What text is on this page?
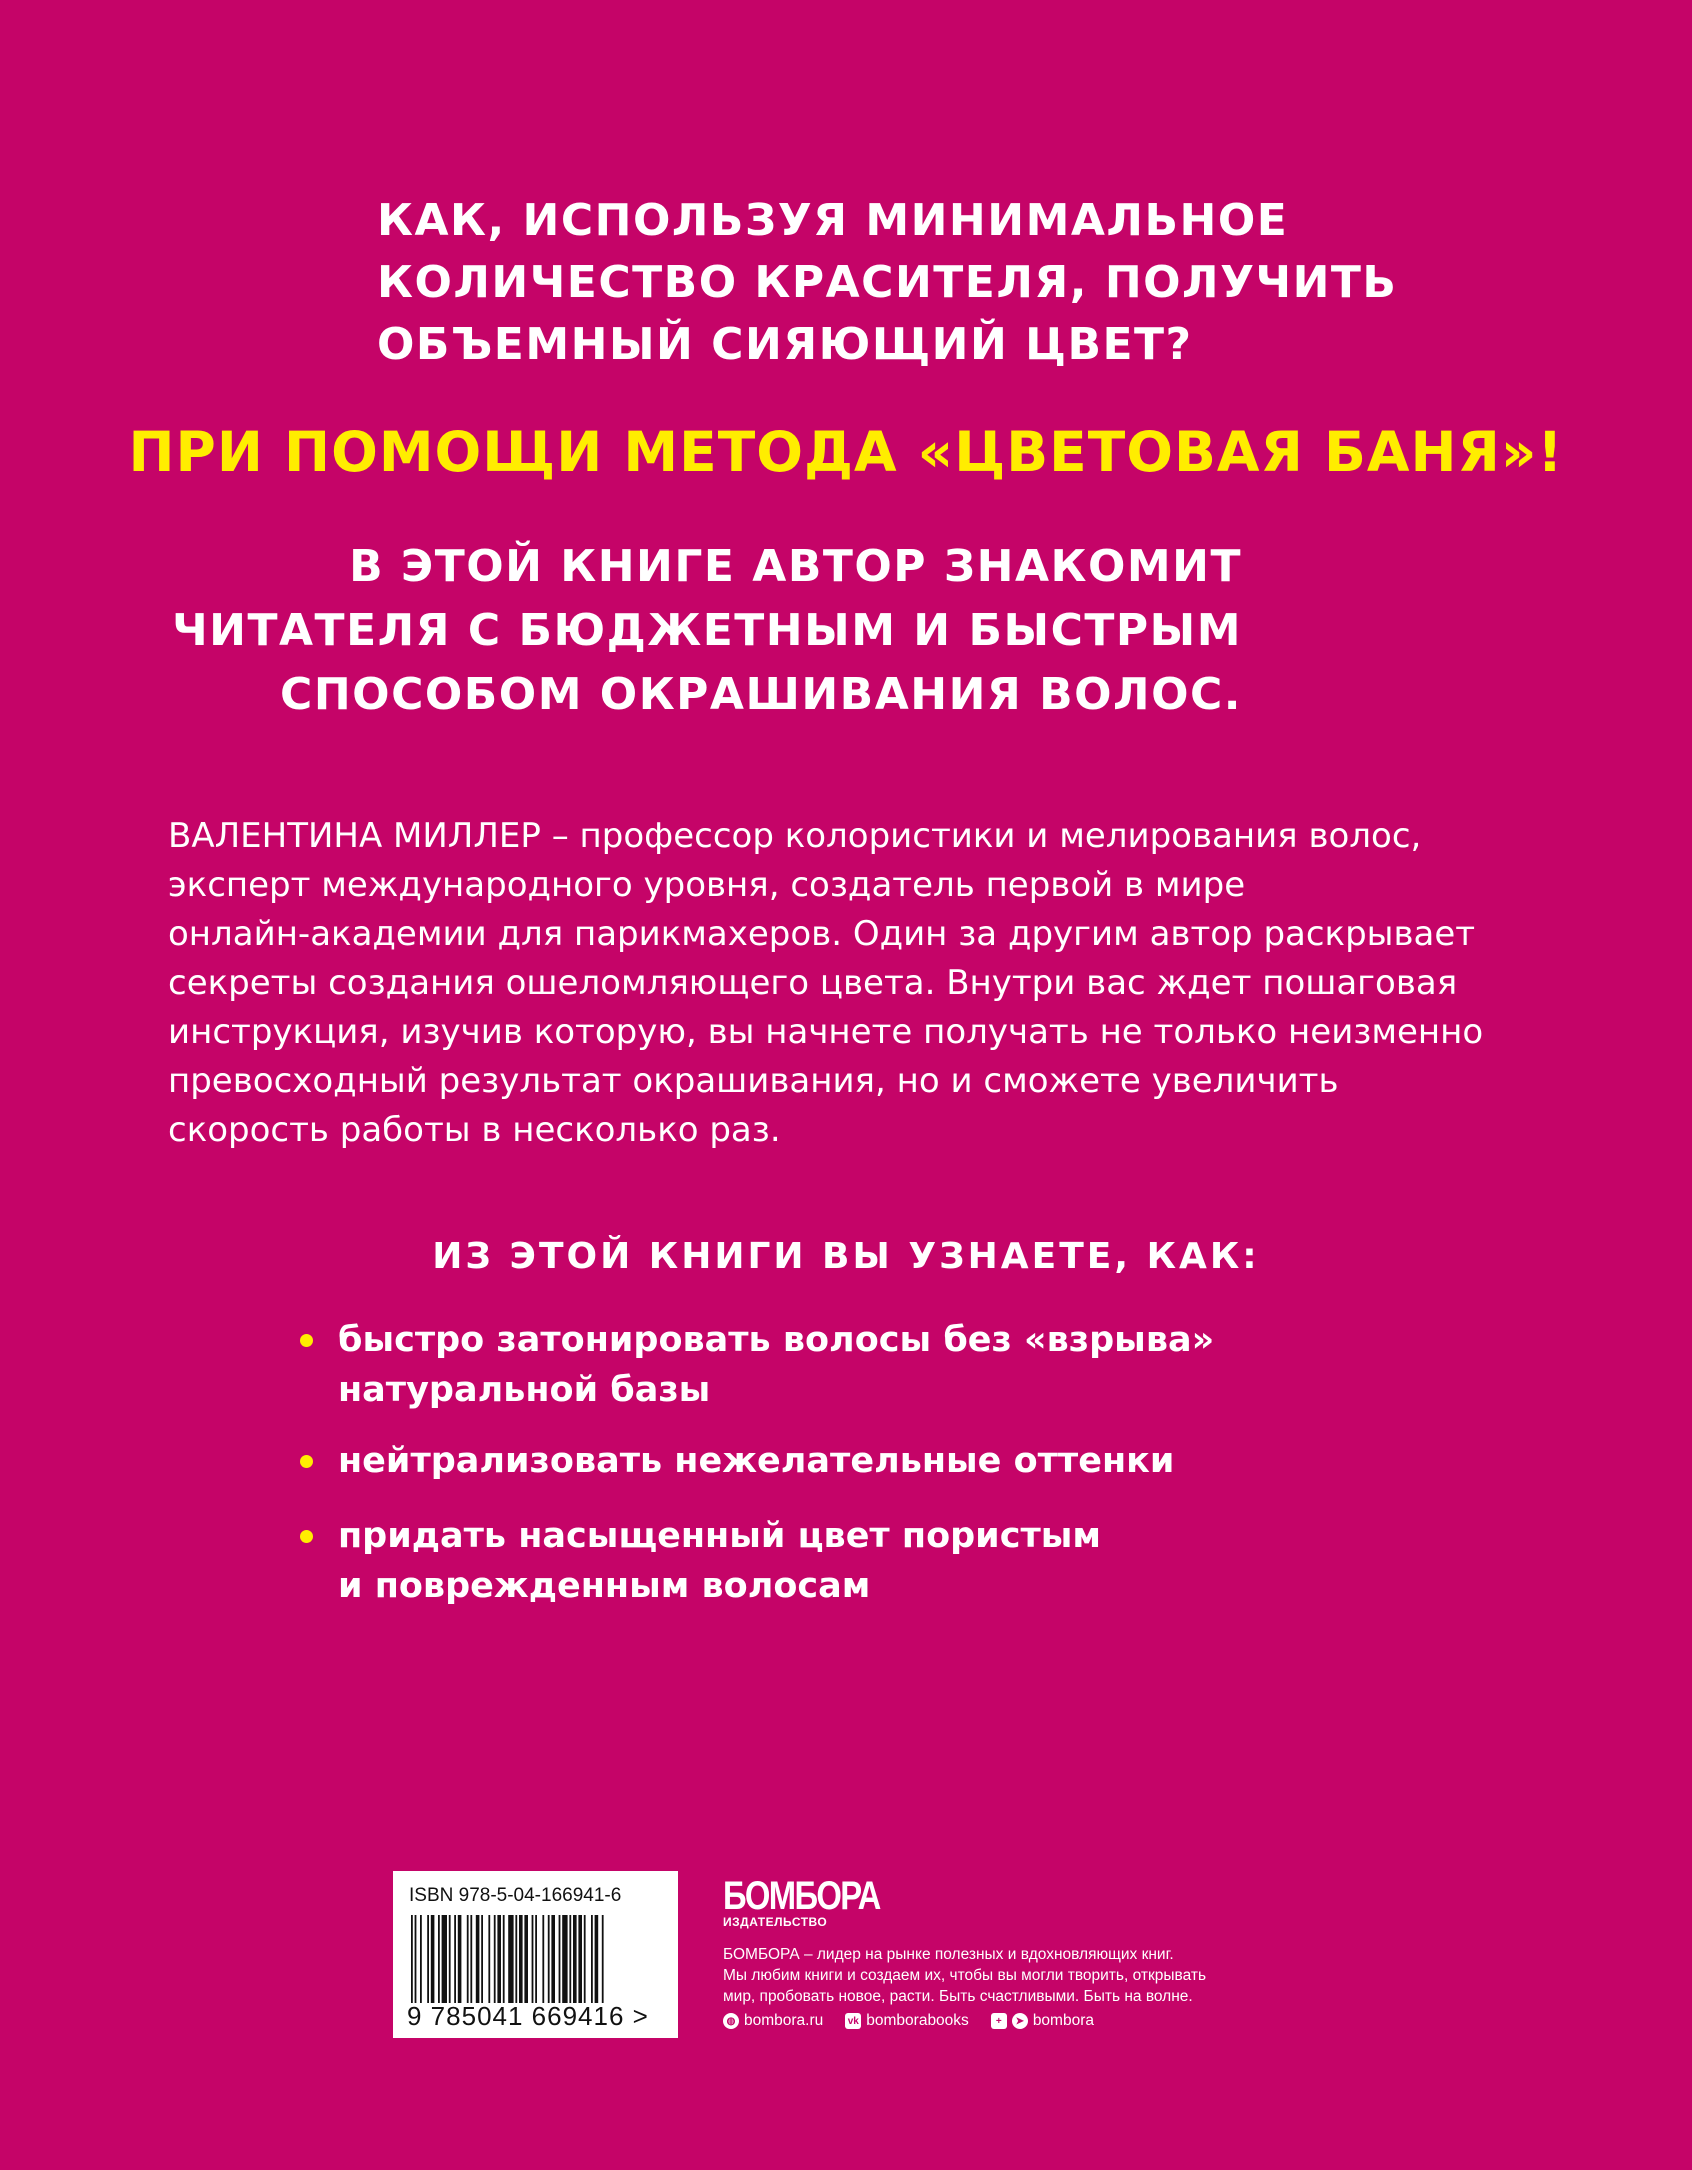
КАК, ИСПОЛЬЗУЯ МИНИМАЛЬНОЕ
КОЛИЧЕСТВО КРАСИТЕЛЯ, ПОЛУЧИТЬ
ОБЪЕМНЫЙ СИЯЮЩИЙ ЦВЕТ?
ПРИ ПОМОЩИ МЕТОДА «ЦВЕТОВАЯ БАНЯ»!
В ЭТОЙ КНИГЕ АВТОР ЗНАКОМИТ
ЧИТАТЕЛЯ С БЮДЖЕТНЫМ И БЫСТРЫМ
СПОСОБОМ ОКРАШИВАНИЯ ВОЛОС.
ВАЛЕНТИНА МИЛЛЕР – профессор колористики и мелирования волос,
эксперт международного уровня, создатель первой в мире
онлайн-академии для парикмахеров. Один за другим автор раскрывает
секреты создания ошеломляющего цвета. Внутри вас ждет пошаговая
инструкция, изучив которую, вы начнете получать не только неизменно
превосходный результат окрашивания, но и сможете увеличить
скорость работы в несколько раз.
ИЗ ЭТОЙ КНИГИ ВЫ УЗНАЕТЕ, КАК:
быстро затонировать волосы без «взрыва»
натуральной базы
нейтрализовать нежелательные оттенки
придать насыщенный цвет пористым
и поврежденным волосам
ISBN 978-5-04-166941-6
9 785041 669416 >
БОМБОРА
ИЗДАТЕЛЬСТВО
БОМБОРА – лидер на рынке полезных и вдохновляющих книг.
Мы любим книги и создаем их, чтобы вы могли творить, открывать
мир, пробовать новое, расти. Быть счастливыми. Быть на волне.
◍ bombora.ru vk bomborabooks	+	➤ bombora
